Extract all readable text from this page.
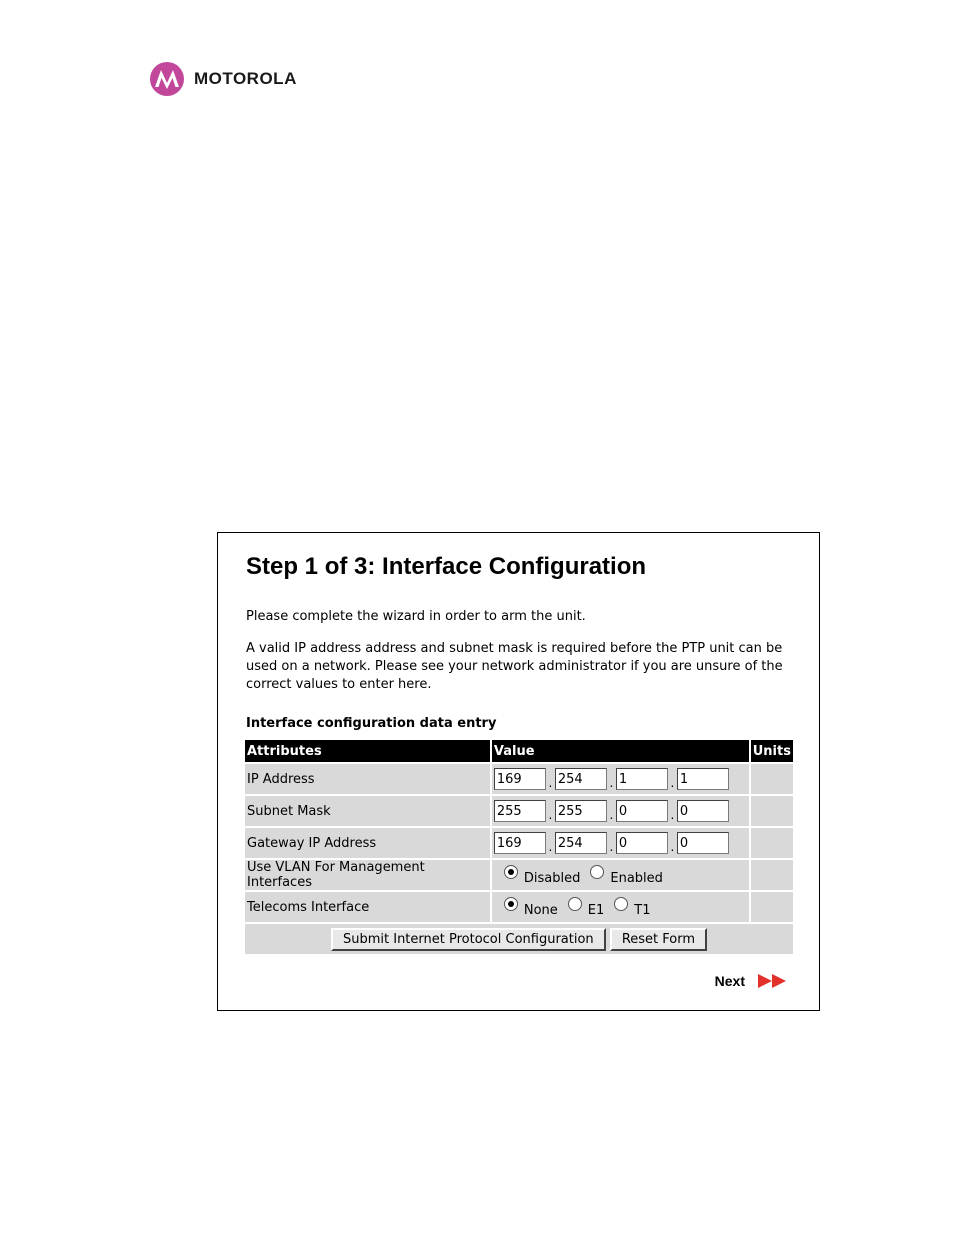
MOTOROLA
Step 1 of 3: Interface Configuration

Please complete the wizard in order to arm the unit.

A valid IP address address and subnet mask is required before the PTP unit can be used on a network. Please see your network administrator if you are unsure of the correct values to enter here.

Interface configuration data entry

Attributes	Value	Units
IP Address	169.254 .1 .1	
Subnet Mask	255.255 .0 .0	
Gateway IP Address	169.254 .0 .0	
Use VLAN For Management Interfaces	Disabled Enabled	
Telecoms Interface	None E1 T1	
Submit Internet Protocol Configuration Reset Form		
Next
